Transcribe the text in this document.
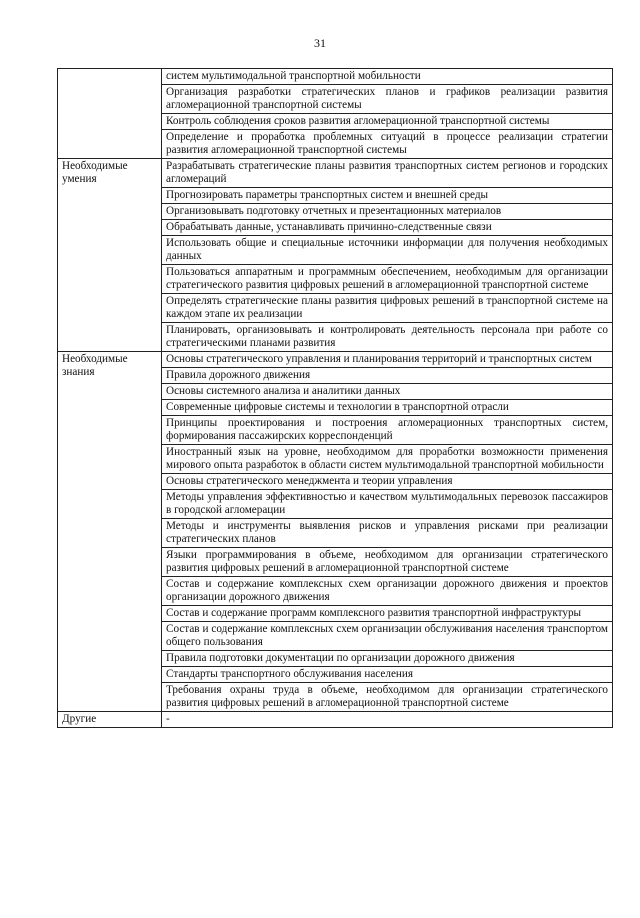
31
	систем мультимодальной транспортной мобильности
	Организация разработки стратегических планов и графиков реализации развития агломерационной транспортной системы
	Контроль соблюдения сроков развития агломерационной транспортной системы
	Определение и проработка проблемных ситуаций в процессе реализации стратегии развития агломерационной транспортной системы
Необходимые умения	Разрабатывать стратегические планы развития транспортных систем регионов и городских агломераций
	Прогнозировать параметры транспортных систем и внешней среды
	Организовывать подготовку отчетных и презентационных материалов
	Обрабатывать данные, устанавливать причинно-следственные связи
	Использовать общие и специальные источники информации для получения необходимых данных
	Пользоваться аппаратным и программным обеспечением, необходимым для организации стратегического развития цифровых решений в агломерационной транспортной системе
	Определять стратегические планы развития цифровых решений в транспортной системе на каждом этапе их реализации
	Планировать, организовывать и контролировать деятельность персонала при работе со стратегическими планами развития
Необходимые знания	Основы стратегического управления и планирования территорий и транспортных систем
	Правила дорожного движения
	Основы системного анализа и аналитики данных
	Современные цифровые системы и технологии в транспортной отрасли
	Принципы проектирования и построения агломерационных транспортных систем, формирования пассажирских корреспонденций
	Иностранный язык на уровне, необходимом для проработки возможности применения мирового опыта разработок в области систем мультимодальной транспортной мобильности
	Основы стратегического менеджмента и теории управления
	Методы управления эффективностью и качеством мультимодальных перевозок пассажиров в городской агломерации
	Методы и инструменты выявления рисков и управления рисками при реализации стратегических планов
	Языки программирования в объеме, необходимом для организации стратегического развития цифровых решений в агломерационной транспортной системе
	Состав и содержание комплексных схем организации дорожного движения и проектов организации дорожного движения
	Состав и содержание программ комплексного развития транспортной инфраструктуры
	Состав и содержание комплексных схем организации обслуживания населения транспортом общего пользования
	Правила подготовки документации по организации дорожного движения
	Стандарты транспортного обслуживания населения
	Требования охраны труда в объеме, необходимом для организации стратегического развития цифровых решений в агломерационной транспортной системе
Другие	-
